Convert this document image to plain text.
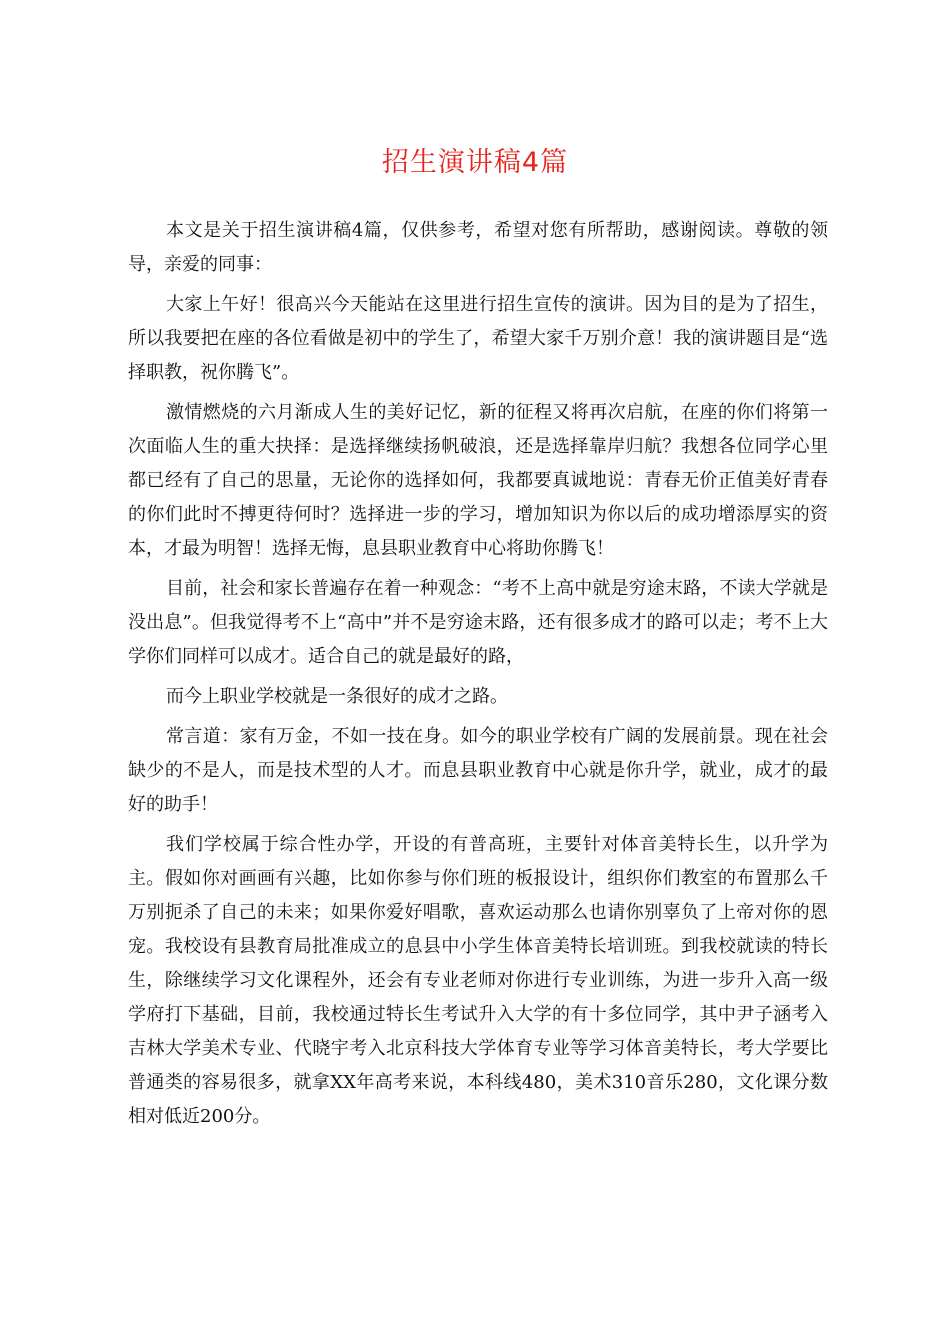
招生演讲稿4篇

本文是关于招生演讲稿4篇，仅供参考，希望对您有所帮助，感谢阅读。尊敬的领导，亲爱的同事：

大家上午好！很高兴今天能站在这里进行招生宣传的演讲。因为目的是为了招生，所以我要把在座的各位看做是初中的学生了，希望大家千万别介意！我的演讲题目是“选择职教，祝你腾飞”。

激情燃烧的六月渐成人生的美好记忆，新的征程又将再次启航，在座的你们将第一次面临人生的重大抉择：是选择继续扬帆破浪，还是选择靠岸归航？我想各位同学心里都已经有了自己的思量，无论你的选择如何，我都要真诚地说：青春无价正值美好青春的你们此时不搏更待何时？选择进一步的学习，增加知识为你以后的成功增添厚实的资本，才最为明智！选择无悔，息县职业教育中心将助你腾飞！

目前，社会和家长普遍存在着一种观念：“考不上高中就是穷途末路，不读大学就是没出息”。但我觉得考不上“高中”并不是穷途末路，还有很多成才的路可以走；考不上大学你们同样可以成才。适合自己的就是最好的路，

而今上职业学校就是一条很好的成才之路。

常言道：家有万金，不如一技在身。如今的职业学校有广阔的发展前景。现在社会缺少的不是人，而是技术型的人才。而息县职业教育中心就是你升学，就业，成才的最好的助手！

我们学校属于综合性办学，开设的有普高班，主要针对体音美特长生，以升学为主。假如你对画画有兴趣，比如你参与你们班的板报设计，组织你们教室的布置那么千万别扼杀了自己的未来；如果你爱好唱歌，喜欢运动那么也请你别辜负了上帝对你的恩宠。我校设有县教育局批准成立的息县中小学生体音美特长培训班。到我校就读的特长生，除继续学习文化课程外，还会有专业老师对你进行专业训练，为进一步升入高一级学府打下基础，目前，我校通过特长生考试升入大学的有十多位同学，其中尹子涵考入吉林大学美术专业、代晓宇考入北京科技大学体育专业等学习体音美特长，考大学要比普通类的容易很多，就拿XX年高考来说，本科线480，美术310音乐280，文化课分数相对低近200分。
